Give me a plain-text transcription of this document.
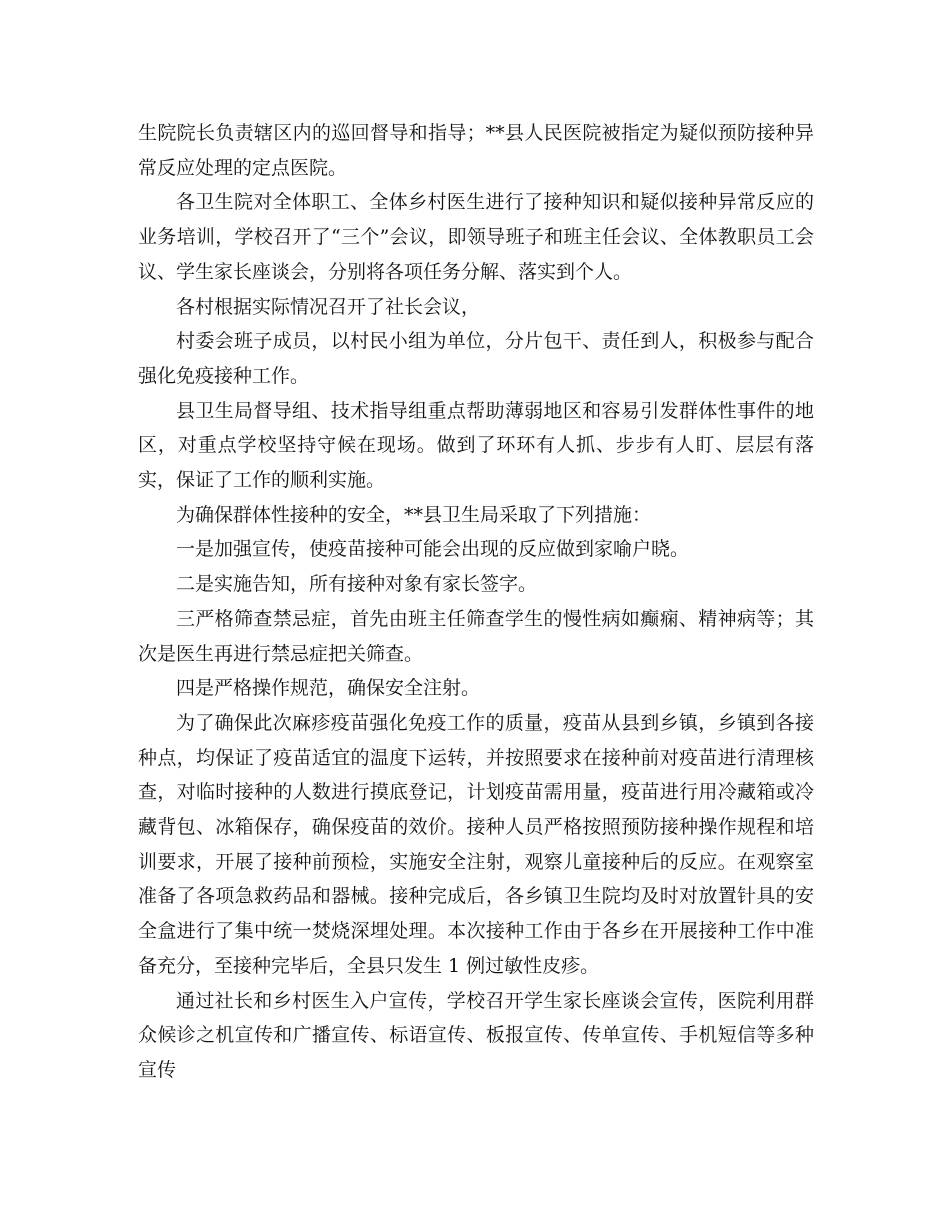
生院院长负责辖区内的巡回督导和指导；**县人民医院被指定为疑似预防接种异常反应处理的定点医院。

各卫生院对全体职工、全体乡村医生进行了接种知识和疑似接种异常反应的业务培训，学校召开了“三个”会议，即领导班子和班主任会议、全体教职员工会议、学生家长座谈会，分别将各项任务分解、落实到个人。

各村根据实际情况召开了社长会议，

村委会班子成员，以村民小组为单位，分片包干、责任到人，积极参与配合强化免疫接种工作。

县卫生局督导组、技术指导组重点帮助薄弱地区和容易引发群体性事件的地区，对重点学校坚持守候在现场。做到了环环有人抓、步步有人盯、层层有落实，保证了工作的顺利实施。

为确保群体性接种的安全，**县卫生局采取了下列措施：

一是加强宣传，使疫苗接种可能会出现的反应做到家喻户晓。

二是实施告知，所有接种对象有家长签字。

三严格筛查禁忌症，首先由班主任筛查学生的慢性病如癫痫、精神病等；其次是医生再进行禁忌症把关筛查。

四是严格操作规范，确保安全注射。

为了确保此次麻疹疫苗强化免疫工作的质量，疫苗从县到乡镇，乡镇到各接种点，均保证了疫苗适宜的温度下运转，并按照要求在接种前对疫苗进行清理核查，对临时接种的人数进行摸底登记，计划疫苗需用量，疫苗进行用冷藏箱或冷藏背包、冰箱保存，确保疫苗的效价。接种人员严格按照预防接种操作规程和培训要求，开展了接种前预检，实施安全注射，观察儿童接种后的反应。在观察室准备了各项急救药品和器械。接种完成后，各乡镇卫生院均及时对放置针具的安全盒进行了集中统一焚烧深埋处理。本次接种工作由于各乡在开展接种工作中准备充分，至接种完毕后，全县只发生 1 例过敏性皮疹。

通过社长和乡村医生入户宣传，学校召开学生家长座谈会宣传，医院利用群众候诊之机宣传和广播宣传、标语宣传、板报宣传、传单宣传、手机短信等多种宣传
